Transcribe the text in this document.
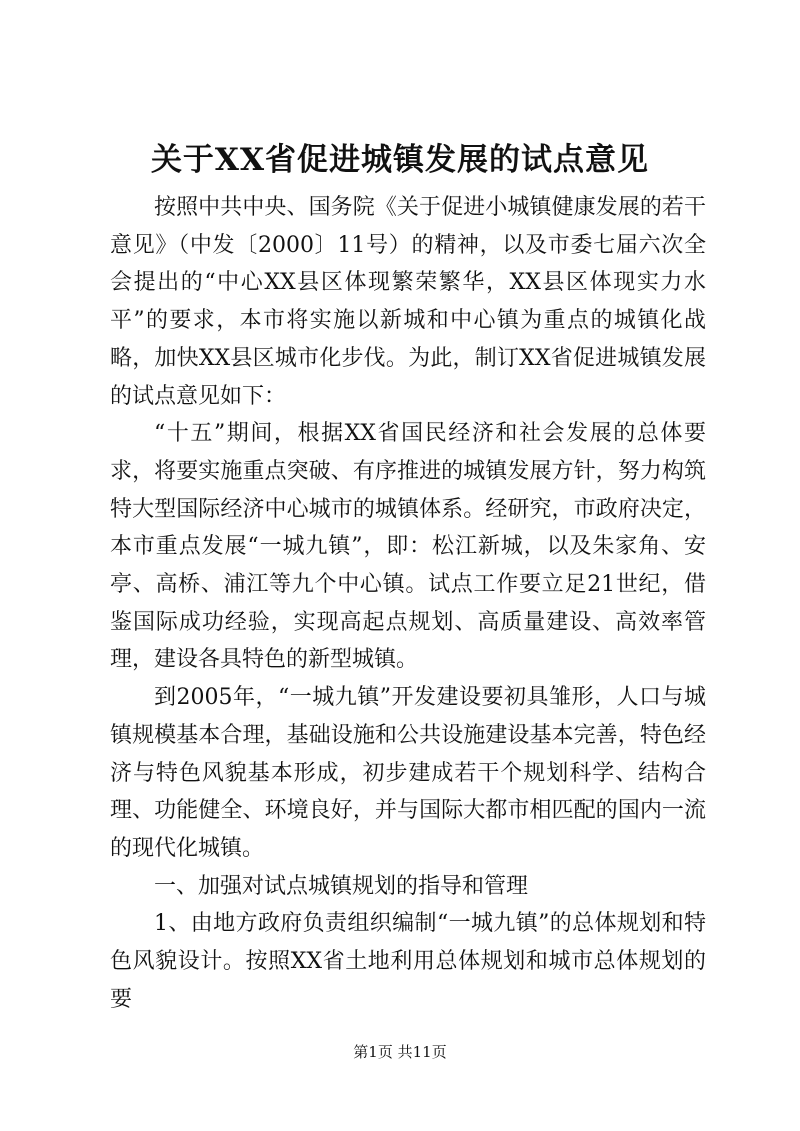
关于XX省促进城镇发展的试点意见

按照中共中央、国务院《关于促进小城镇健康发展的若干意见》（中发〔2000〕11号）的精神，以及市委七届六次全会提出的“中心XX县区体现繁荣繁华，XX县区体现实力水平”的要求，本市将实施以新城和中心镇为重点的城镇化战略，加快XX县区城市化步伐。为此，制订XX省促进城镇发展的试点意见如下：

“十五”期间，根据XX省国民经济和社会发展的总体要求，将要实施重点突破、有序推进的城镇发展方针，努力构筑特大型国际经济中心城市的城镇体系。经研究，市政府决定，本市重点发展“一城九镇”，即：松江新城，以及朱家角、安亭、高桥、浦江等九个中心镇。试点工作要立足21世纪，借鉴国际成功经验，实现高起点规划、高质量建设、高效率管理，建设各具特色的新型城镇。

到2005年，“一城九镇”开发建设要初具雏形，人口与城镇规模基本合理，基础设施和公共设施建设基本完善，特色经济与特色风貌基本形成，初步建成若干个规划科学、结构合理、功能健全、环境良好，并与国际大都市相匹配的国内一流的现代化城镇。

一、加强对试点城镇规划的指导和管理

1、由地方政府负责组织编制“一城九镇”的总体规划和特色风貌设计。按照XX省土地利用总体规划和城市总体规划的要

第1页 共11页
